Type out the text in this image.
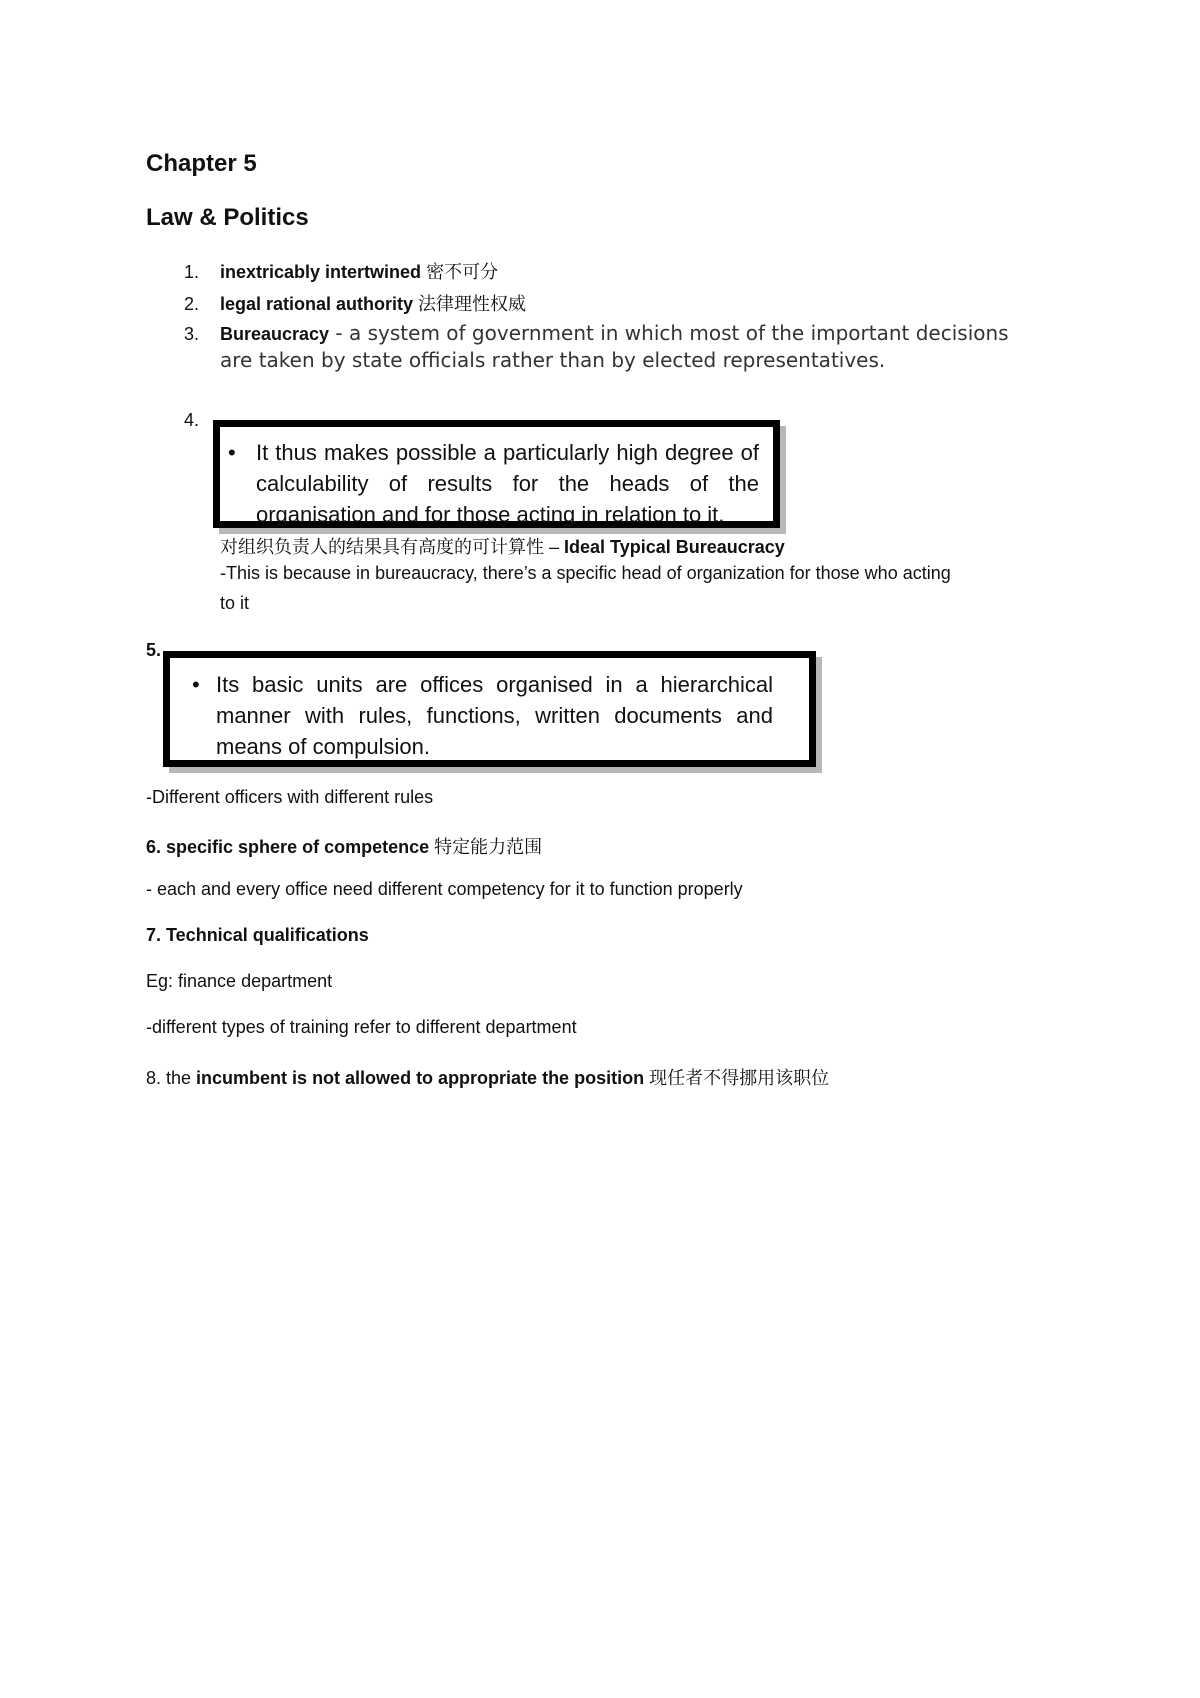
Chapter 5
Law & Politics
1. inextricably intertwined 密不可分
2. legal rational authority 法律理性权威
3. Bureaucracy - a system of government in which most of the important decisions
are taken by state officials rather than by elected representatives.
4.
• It thus makes possible a particularly high degree of calculability of results for the heads of the organisation and for those acting in relation to it.
对组织负责人的结果具有高度的可计算性 – Ideal Typical Bureaucracy
-This is because in bureaucracy, there’s a specific head of organization for those who acting
to it
5.
• Its basic units are offices organised in a hierarchical manner with rules, functions, written documents and means of compulsion.
-Different officers with different rules
6. specific sphere of competence 特定能力范围
- each and every office need different competency for it to function properly
7. Technical qualifications
Eg: finance department
-different types of training refer to different department
8. the incumbent is not allowed to appropriate the position 现任者不得挪用该职位
